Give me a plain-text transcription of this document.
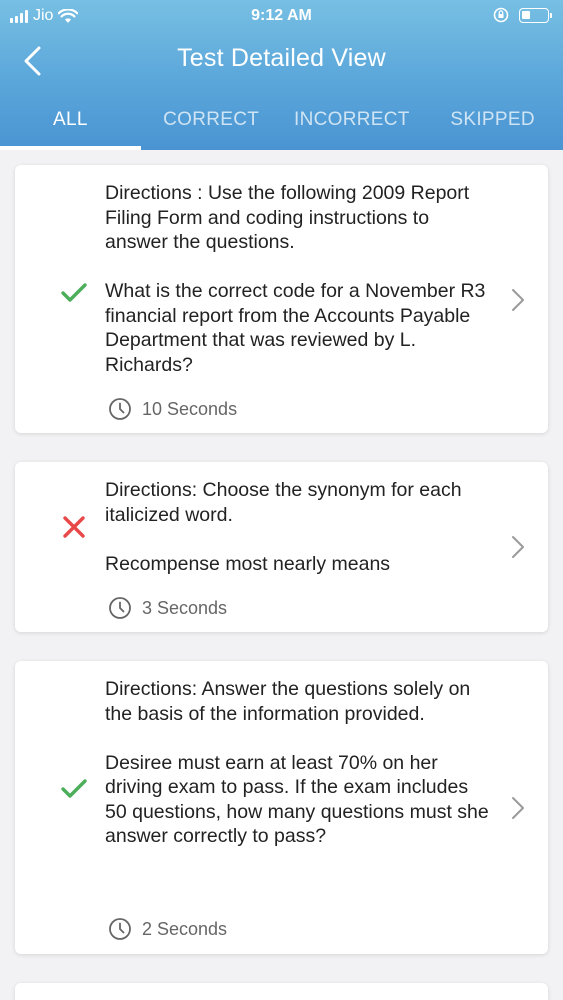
Jio	9:12 AM
Test Detailed View
ALL	CORRECT	INCORRECT	SKIPPED

Directions : Use the following 2009 Report Filing Form and coding instructions to answer the questions.

What is the correct code for a November R3 financial report from the Accounts Payable Department that was reviewed by L. Richards?

10 Seconds

Directions: Choose the synonym for each italicized word.

Recompense most nearly means

3 Seconds

Directions: Answer the questions solely on the basis of the information provided.

Desiree must earn at least 70% on her driving exam to pass. If the exam includes 50 questions, how many questions must she answer correctly to pass?

2 Seconds
